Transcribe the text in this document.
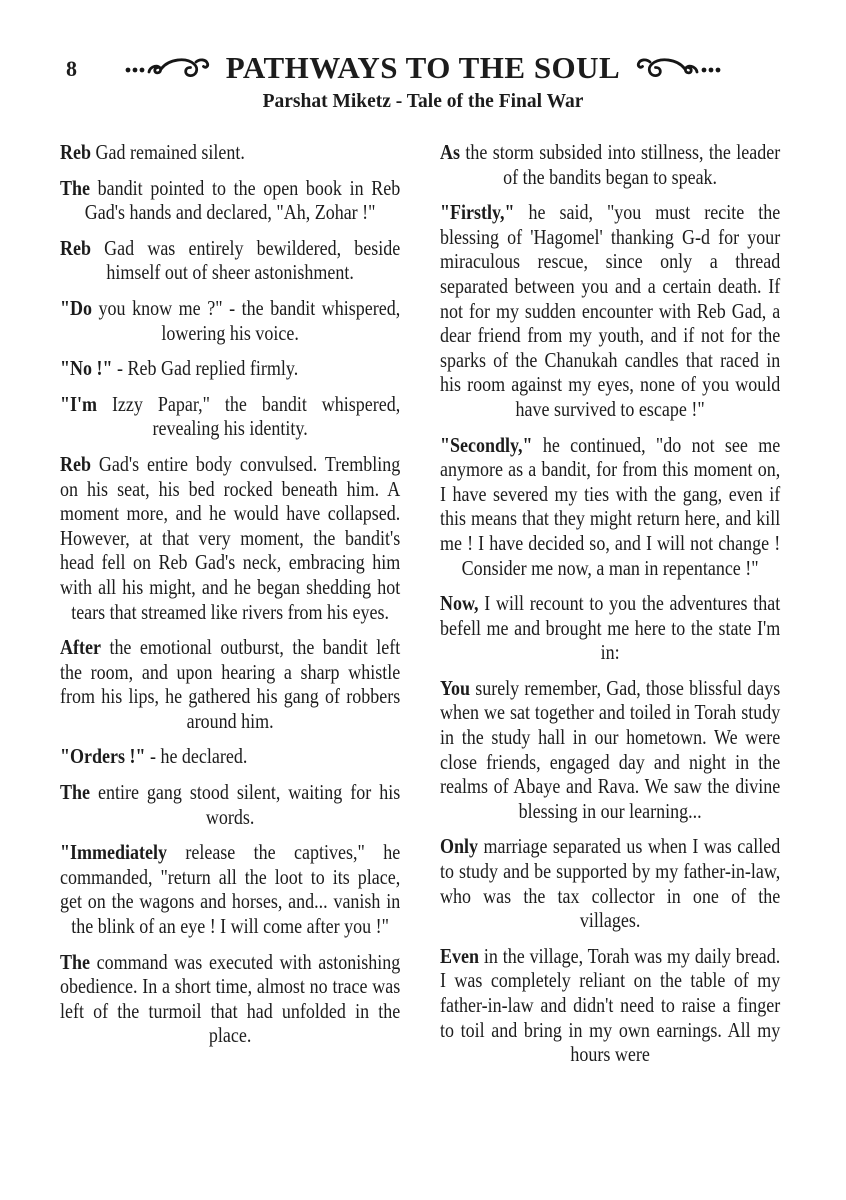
8	PATHWAYS TO THE SOUL
Parshat Miketz - Tale of the Final War

Reb Gad remained silent.

The bandit pointed to the open book in Reb Gad's hands and declared, "Ah, Zohar !"

Reb Gad was entirely bewildered, beside himself out of sheer astonishment.

"Do you know me ?" - the bandit whispered, lowering his voice.

"No !" - Reb Gad replied firmly.

"I'm Izzy Papar," the bandit whispered, revealing his identity.

Reb Gad's entire body convulsed. Trembling on his seat, his bed rocked beneath him. A moment more, and he would have collapsed. However, at that very moment, the bandit's head fell on Reb Gad's neck, embracing him with all his might, and he began shedding hot tears that streamed like rivers from his eyes.

After the emotional outburst, the bandit left the room, and upon hearing a sharp whistle from his lips, he gathered his gang of robbers around him.

"Orders !" - he declared.

The entire gang stood silent, waiting for his words.

"Immediately release the captives," he commanded, "return all the loot to its place, get on the wagons and horses, and... vanish in the blink of an eye ! I will come after you !"

The command was executed with astonishing obedience. In a short time, almost no trace was left of the turmoil that had unfolded in the place.

As the storm subsided into stillness, the leader of the bandits began to speak.

"Firstly," he said, "you must recite the blessing of 'Hagomel' thanking G-d for your miraculous rescue, since only a thread separated between you and a certain death. If not for my sudden encounter with Reb Gad, a dear friend from my youth, and if not for the sparks of the Chanukah candles that raced in his room against my eyes, none of you would have survived to escape !"

"Secondly," he continued, "do not see me anymore as a bandit, for from this moment on, I have severed my ties with the gang, even if this means that they might return here, and kill me ! I have decided so, and I will not change ! Consider me now, a man in repentance !"

Now, I will recount to you the adventures that befell me and brought me here to the state I'm in:

You surely remember, Gad, those blissful days when we sat together and toiled in Torah study in the study hall in our hometown. We were close friends, engaged day and night in the realms of Abaye and Rava. We saw the divine blessing in our learning...

Only marriage separated us when I was called to study and be supported by my father-in-law, who was the tax collector in one of the villages.

Even in the village, Torah was my daily bread. I was completely reliant on the table of my father-in-law and didn't need to raise a finger to toil and bring in my own earnings. All my hours were
